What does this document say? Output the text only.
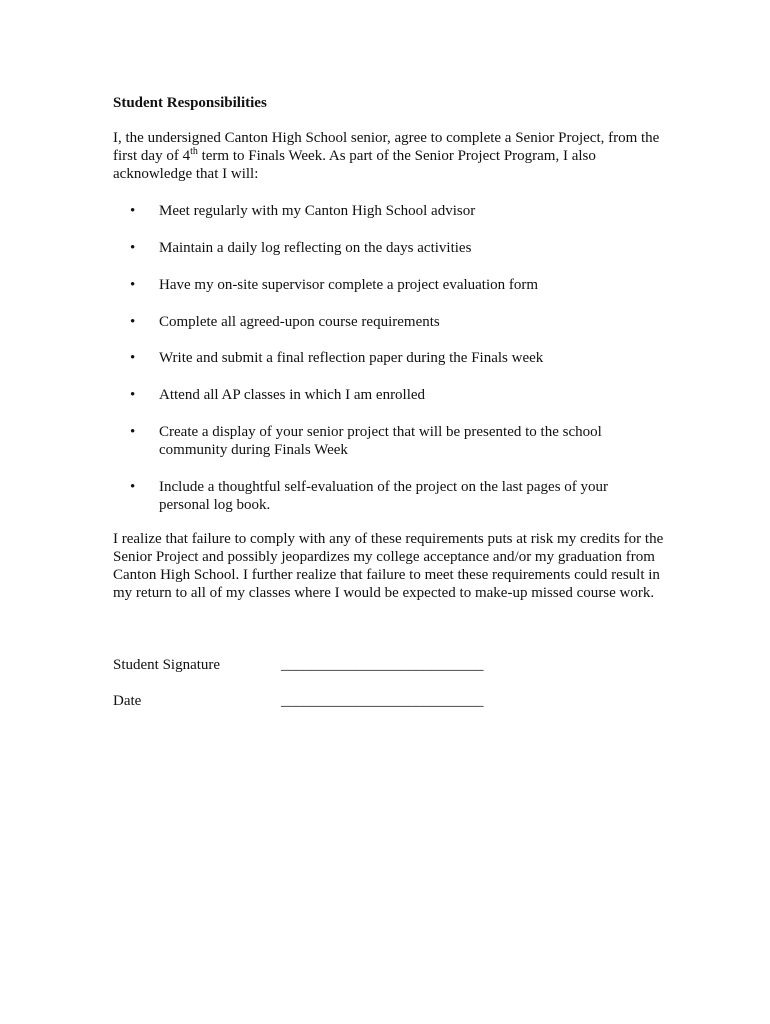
Student Responsibilities

I, the undersigned Canton High School senior, agree to complete a Senior Project, from the first day of 4th term to Finals Week. As part of the Senior Project Program, I also acknowledge that I will:

•	Meet regularly with my Canton High School advisor
•	Maintain a daily log reflecting on the days activities
•	Have my on-site supervisor complete a project evaluation form
•	Complete all agreed-upon course requirements
•	Write and submit a final reflection paper during the Finals week
•	Attend all AP classes in which I am enrolled
•	Create a display of your senior project that will be presented to the school community during Finals Week
•	Include a thoughtful self-evaluation of the project on the last pages of your personal log book.

I realize that failure to comply with any of these requirements puts at risk my credits for the Senior Project and possibly jeopardizes my college acceptance and/or my graduation from Canton High School. I further realize that failure to meet these requirements could result in my return to all of my classes where I would be expected to make-up missed course work.

Student Signature	___________________________
Date	___________________________
